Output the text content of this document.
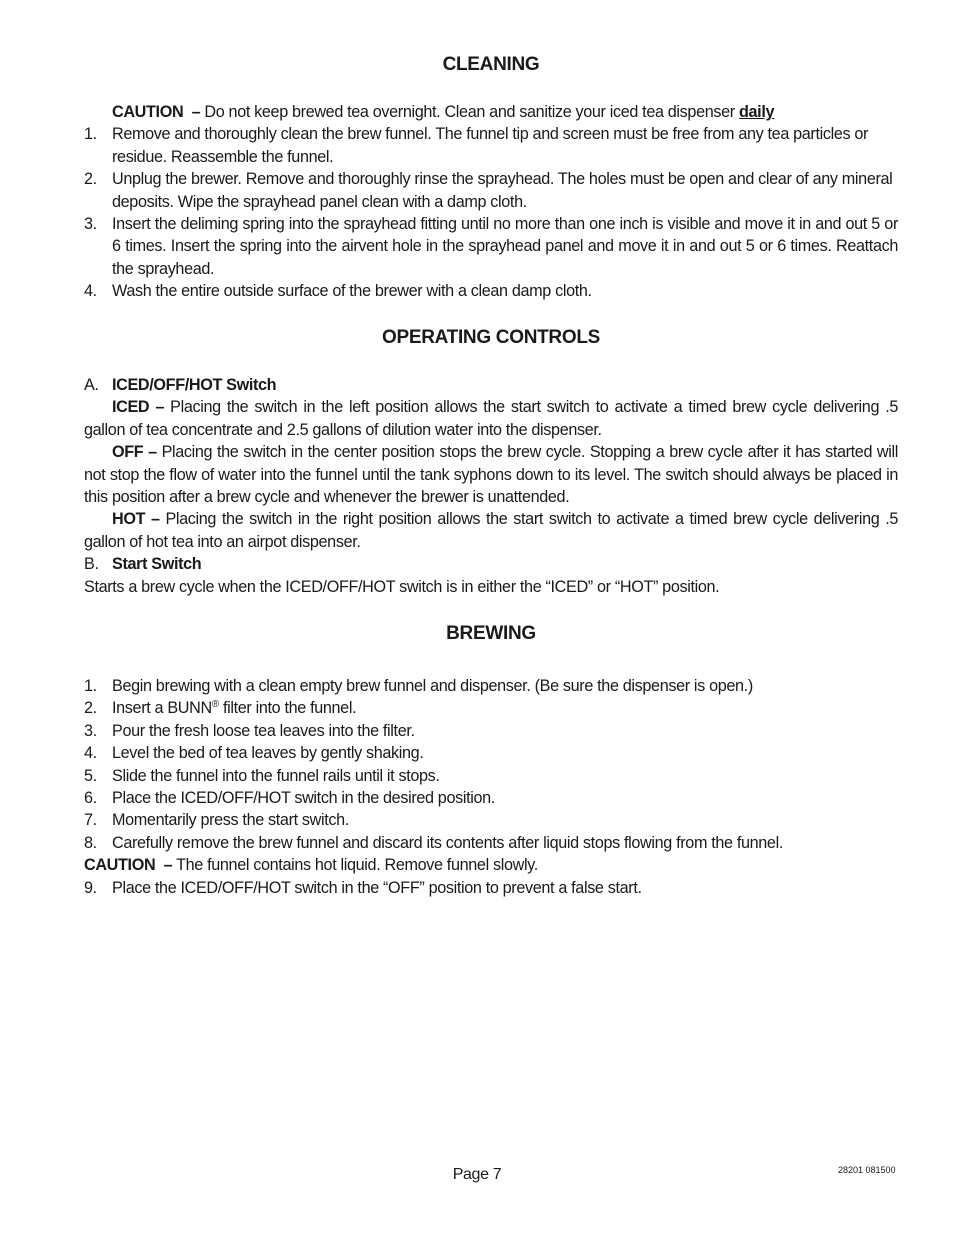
CLEANING
CAUTION – Do not keep brewed tea overnight. Clean and sanitize your iced tea dispenser daily
1. Remove and thoroughly clean the brew funnel. The funnel tip and screen must be free from any tea particles or residue. Reassemble the funnel.
2. Unplug the brewer. Remove and thoroughly rinse the sprayhead. The holes must be open and clear of any mineral deposits. Wipe the sprayhead panel clean with a damp cloth.
3. Insert the deliming spring into the sprayhead fitting until no more than one inch is visible and move it in and out 5 or 6 times. Insert the spring into the airvent hole in the sprayhead panel and move it in and out 5 or 6 times. Reattach the sprayhead.
4. Wash the entire outside surface of the brewer with a clean damp cloth.
OPERATING CONTROLS
A. ICED/OFF/HOT Switch
ICED – Placing the switch in the left position allows the start switch to activate a timed brew cycle delivering .5 gallon of tea concentrate and 2.5 gallons of dilution water into the dispenser.
OFF – Placing the switch in the center position stops the brew cycle. Stopping a brew cycle after it has started will not stop the flow of water into the funnel until the tank syphons down to its level. The switch should always be placed in this position after a brew cycle and whenever the brewer is unattended.
HOT – Placing the switch in the right position allows the start switch to activate a timed brew cycle delivering .5 gallon of hot tea into an airpot dispenser.
B. Start Switch
Starts a brew cycle when the ICED/OFF/HOT switch is in either the “ICED” or “HOT” position.
BREWING
1. Begin brewing with a clean empty brew funnel and dispenser. (Be sure the dispenser is open.)
2. Insert a BUNN® filter into the funnel.
3. Pour the fresh loose tea leaves into the filter.
4. Level the bed of tea leaves by gently shaking.
5. Slide the funnel into the funnel rails until it stops.
6. Place the ICED/OFF/HOT switch in the desired position.
7. Momentarily press the start switch.
8. Carefully remove the brew funnel and discard its contents after liquid stops flowing from the funnel.
CAUTION – The funnel contains hot liquid. Remove funnel slowly.
9. Place the ICED/OFF/HOT switch in the “OFF” position to prevent a false start.
Page 7	28201 081500
